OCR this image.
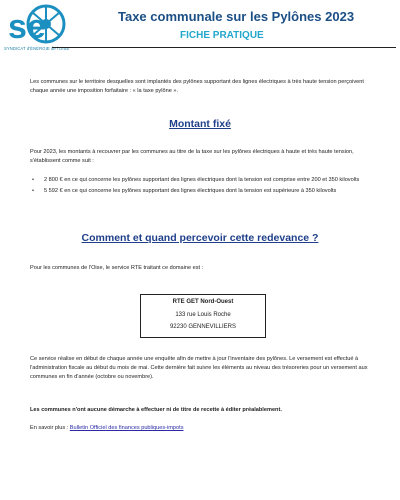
se
SYNDICAT d'ÉNERGIE de l'OISE
Taxe communale sur les Pylônes 2023
FICHE PRATIQUE

Les communes sur le territoire desquelles sont implantés des pylônes supportant des lignes électriques à très haute tension perçoivent chaque année une imposition forfaitaire : « la taxe pylône ».

Montant fixé

Pour 2023, les montants à recouvrer par les communes au titre de la taxe sur les pylônes électriques à haute et très haute tension, s'établissent comme suit :

• 2 800 € en ce qui concerne les pylônes supportant des lignes électriques dont la tension est comprise entre 200 et 350 kilovolts
• 5 592 € en ce qui concerne les pylônes supportant des lignes électriques dont la tension est supérieure à 350 kilovolts
Comment et quand percevoir cette redevance ?

Pour les communes de l'Oise, le service RTE traitant ce domaine est :

RTE GET Nord-Ouest
133 rue Louis Roche
92230 GENNEVILLIERS

Ce service réalise en début de chaque année une enquête afin de mettre à jour l'inventaire des pylônes. Le versement est effectué à l'administration fiscale au début du mois de mai. Cette dernière fait suivre les éléments au niveau des trésoreries pour un versement aux communes en fin d'année (octobre ou novembre).

Les communes n'ont aucune démarche à effectuer ni de titre de recette à éditer préalablement.

En savoir plus : Bulletin Officiel des finances publiques-impots
